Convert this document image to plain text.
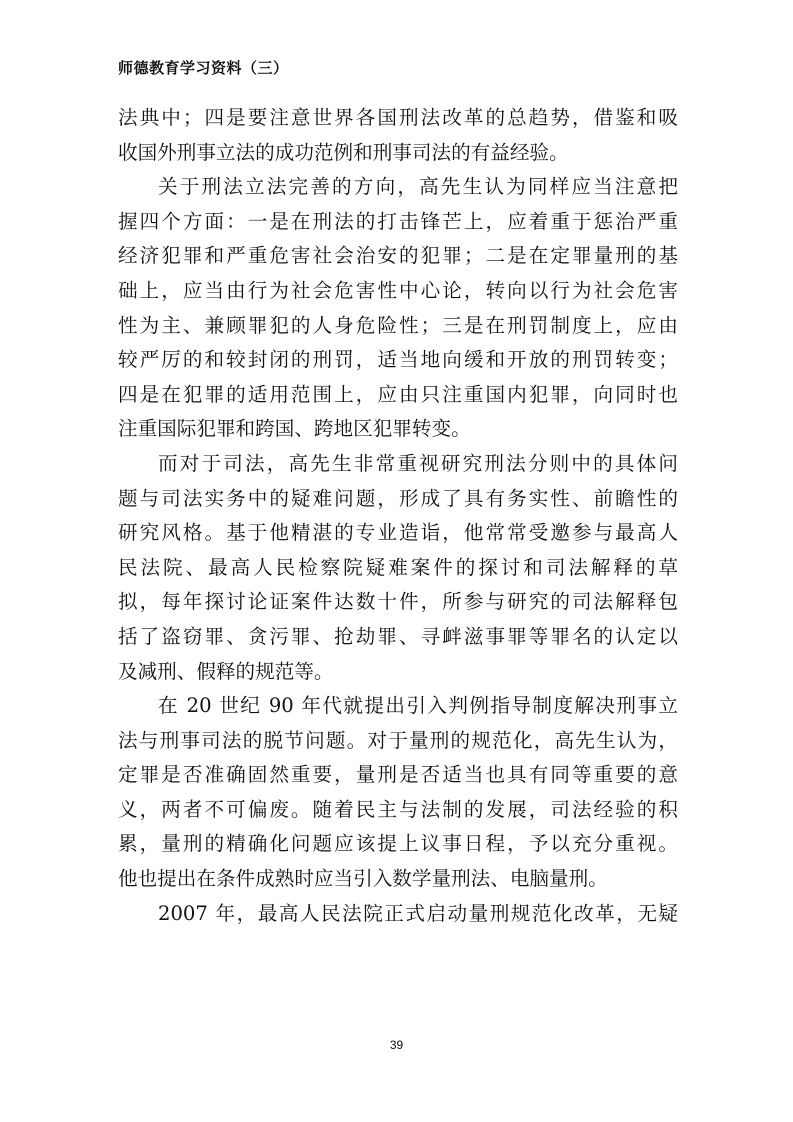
师德教育学习资料（三）
法典中；四是要注意世界各国刑法改革的总趋势，借鉴和吸
收国外刑事立法的成功范例和刑事司法的有益经验。
关于刑法立法完善的方向，高先生认为同样应当注意把
握四个方面：一是在刑法的打击锋芒上，应着重于惩治严重
经济犯罪和严重危害社会治安的犯罪；二是在定罪量刑的基
础上，应当由行为社会危害性中心论，转向以行为社会危害
性为主、兼顾罪犯的人身危险性；三是在刑罚制度上，应由
较严厉的和较封闭的刑罚，适当地向缓和开放的刑罚转变；
四是在犯罪的适用范围上，应由只注重国内犯罪，向同时也
注重国际犯罪和跨国、跨地区犯罪转变。
而对于司法，高先生非常重视研究刑法分则中的具体问
题与司法实务中的疑难问题，形成了具有务实性、前瞻性的
研究风格。基于他精湛的专业造诣，他常常受邀参与最高人
民法院、最高人民检察院疑难案件的探讨和司法解释的草
拟，每年探讨论证案件达数十件，所参与研究的司法解释包
括了盗窃罪、贪污罪、抢劫罪、寻衅滋事罪等罪名的认定以
及减刑、假释的规范等。
在 20 世纪 90 年代就提出引入判例指导制度解决刑事立
法与刑事司法的脱节问题。对于量刑的规范化，高先生认为，
定罪是否准确固然重要，量刑是否适当也具有同等重要的意
义，两者不可偏废。随着民主与法制的发展，司法经验的积
累，量刑的精确化问题应该提上议事日程，予以充分重视。
他也提出在条件成熟时应当引入数学量刑法、电脑量刑。
2007 年，最高人民法院正式启动量刑规范化改革，无疑
39
